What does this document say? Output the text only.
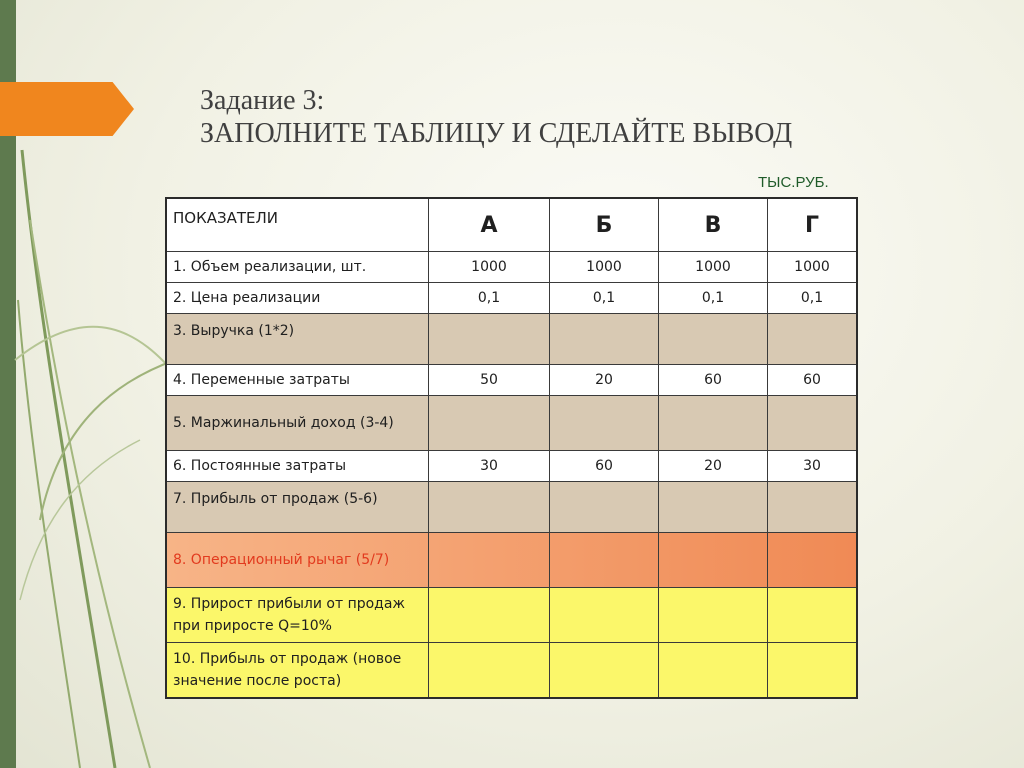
Задание 3:
ЗАПОЛНИТЕ ТАБЛИЦУ И СДЕЛАЙТЕ ВЫВОД
ТЫС.РУБ.
ПОКАЗАТЕЛИ	А	Б	В	Г
1. Объем реализации, шт.	1000	1000	1000	1000
2. Цена реализации	0,1	0,1	0,1	0,1
3. Выручка (1*2)				
4. Переменные затраты	50	20	60	60
5. Маржинальный доход (3-4)				
6. Постоянные затраты	30	60	20	30
7. Прибыль от продаж (5-6)				
8. Операционный рычаг (5/7)				
9. Прирост прибыли от продаж при приросте Q=10%				
10. Прибыль от продаж (новое значение после роста)				
